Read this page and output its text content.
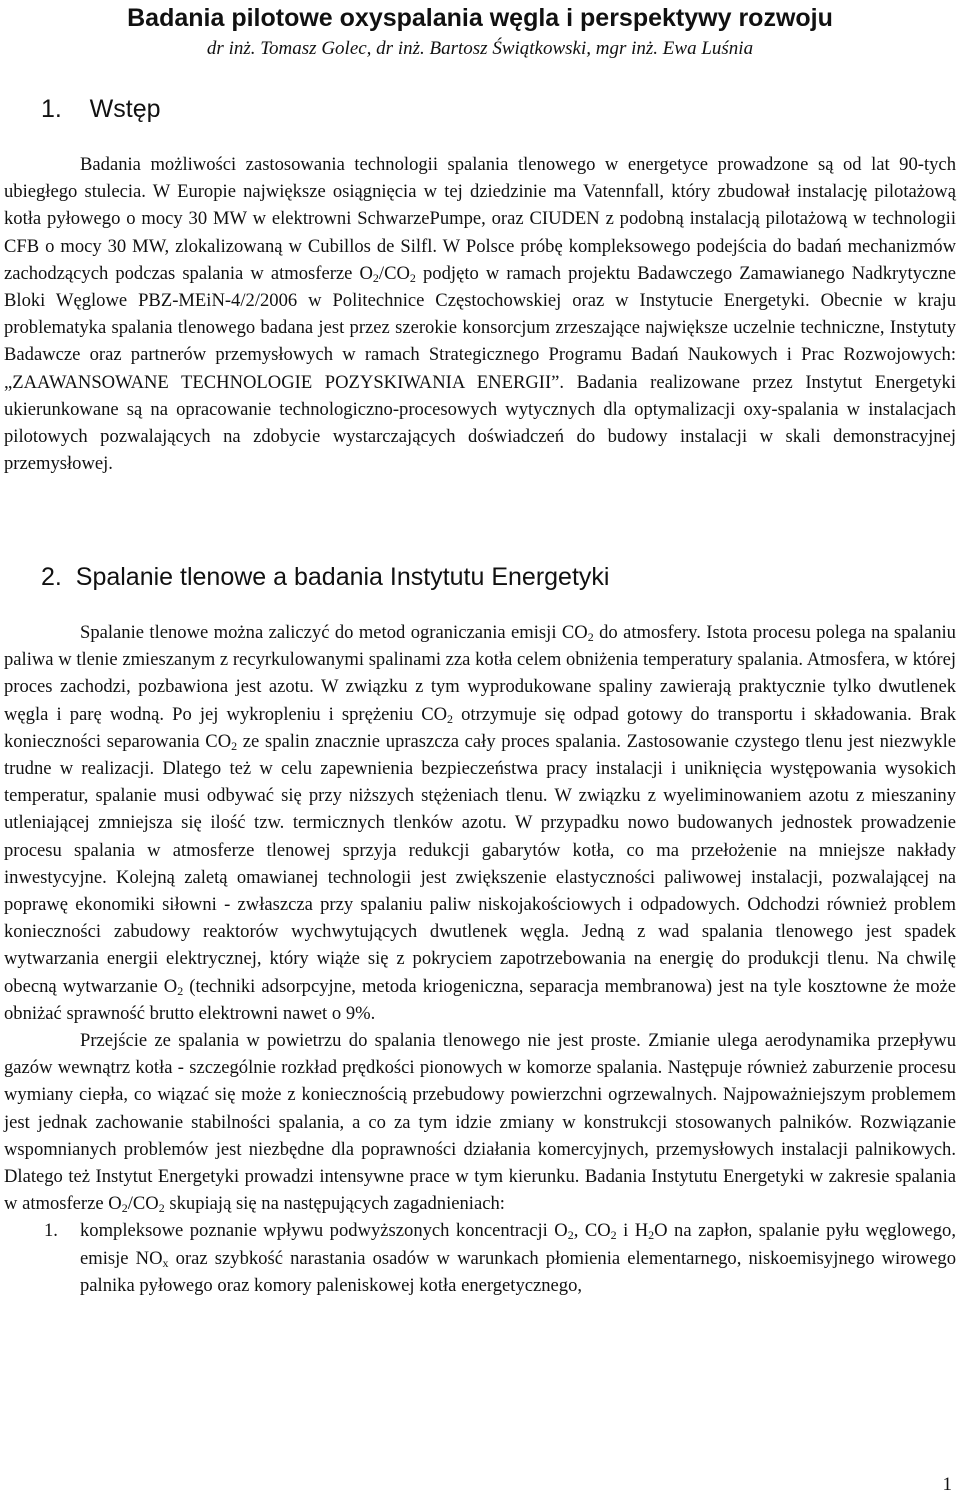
Badania pilotowe oxyspalania węgla i perspektywy rozwoju
dr inż. Tomasz Golec, dr inż. Bartosz Świątkowski, mgr inż. Ewa Luśnia
1. Wstęp

Badania możliwości zastosowania technologii spalania tlenowego w energetyce prowadzone są od lat 90-tych ubiegłego stulecia. W Europie największe osiągnięcia w tej dziedzinie ma Vatennfall, który zbudował instalację pilotażową kotła pyłowego o mocy 30 MW w elektrowni SchwarzePumpe, oraz CIUDEN z podobną instalacją pilotażową w technologii CFB o mocy 30 MW, zlokalizowaną w Cubillos de Silfl. W Polsce próbę kompleksowego podejścia do badań mechanizmów zachodzących podczas spalania w atmosferze $O_2/CO_2$ podjęto w ramach projektu Badawczego Zamawianego Nadkrytyczne Bloki Węglowe PBZ-MEiN-4/2/2006 w Politechnice Częstochowskiej oraz w Instytucie Energetyki. Obecnie w kraju problematyka spalania tlenowego badana jest przez szerokie konsorcjum zrzeszające największe uczelnie techniczne, Instytuty Badawcze oraz partnerów przemysłowych w ramach Strategicznego Programu Badań Naukowych i Prac Rozwojowych: „ZAAWANSOWANE TECHNOLOGIE POZYSKIWANIA ENERGII”. Badania realizowane przez Instytut Energetyki ukierunkowane są na opracowanie technologiczno-procesowych wytycznych dla optymalizacji oxy-spalania w instalacjach pilotowych pozwalających na zdobycie wystarczających doświadczeń do budowy instalacji w skali demonstracyjnej przemysłowej.

2. Spalanie tlenowe a badania Instytutu Energetyki

Spalanie tlenowe można zaliczyć do metod ograniczania emisji $CO_2$ do atmosfery. Istota procesu polega na spalaniu paliwa w tlenie zmieszanym z recyrkulowanymi spalinami zza kotła celem obniżenia temperatury spalania. Atmosfera, w której proces zachodzi, pozbawiona jest azotu. W związku z tym wyprodukowane spaliny zawierają praktycznie tylko dwutlenek węgla i parę wodną. Po jej wykropleniu i sprężeniu $CO_2$ otrzymuje się odpad gotowy do transportu i składowania. Brak konieczności separowania $CO_2$ ze spalin znacznie upraszcza cały proces spalania. Zastosowanie czystego tlenu jest niezwykle trudne w realizacji. Dlatego też w celu zapewnienia bezpieczeństwa pracy instalacji i uniknięcia występowania wysokich temperatur, spalanie musi odbywać się przy niższych stężeniach tlenu. W związku z wyeliminowaniem azotu z mieszaniny utleniającej zmniejsza się ilość tzw. termicznych tlenków azotu. W przypadku nowo budowanych jednostek prowadzenie procesu spalania w atmosferze tlenowej sprzyja redukcji gabarytów kotła, co ma przełożenie na mniejsze nakłady inwestycyjne. Kolejną zaletą omawianej technologii jest zwiększenie elastyczności paliwowej instalacji, pozwalającej na poprawę ekonomiki siłowni - zwłaszcza przy spalaniu paliw niskojakościowych i odpadowych. Odchodzi również problem konieczności zabudowy reaktorów wychwytujących dwutlenek węgla. Jedną z wad spalania tlenowego jest spadek wytwarzania energii elektrycznej, który wiąże się z pokryciem zapotrzebowania na energię do produkcji tlenu. Na chwilę obecną wytwarzanie $O_2$ (techniki adsorpcyjne, metoda kriogeniczna, separacja membranowa) jest na tyle kosztowne że może obniżać sprawność brutto elektrowni nawet o 9%.

Przejście ze spalania w powietrzu do spalania tlenowego nie jest proste. Zmianie ulega aerodynamika przepływu gazów wewnątrz kotła - szczególnie rozkład prędkości pionowych w komorze spalania. Następuje również zaburzenie procesu wymiany ciepła, co wiązać się może z koniecznością przebudowy powierzchni ogrzewalnych. Najpoważniejszym problemem jest jednak zachowanie stabilności spalania, a co za tym idzie zmiany w konstrukcji stosowanych palników. Rozwiązanie wspomnianych problemów jest niezbędne dla poprawności działania komercyjnych, przemysłowych instalacji palnikowych. Dlatego też Instytut Energetyki prowadzi intensywne prace w tym kierunku. Badania Instytutu Energetyki w zakresie spalania w atmosferze $O_2/CO_2$ skupiają się na następujących zagadnieniach:

1. kompleksowe poznanie wpływu podwyższonych koncentracji $O_2$, $CO_2$ i $H_2O$ na zapłon, spalanie pyłu węglowego, emisje $NO_x$ oraz szybkość narastania osadów w warunkach płomienia elementarnego, niskoemisyjnego wirowego palnika pyłowego oraz komory paleniskowej kotła energetycznego,

1
